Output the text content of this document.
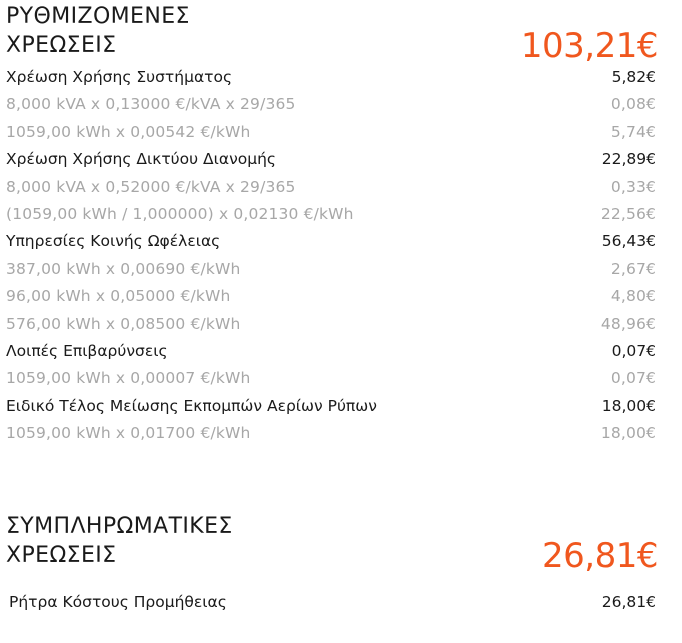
ΡΥΘΜΙΖΟΜΕΝΕΣ
ΧΡΕΩΣΕΙΣ	103,21€
Χρέωση Χρήσης Συστήματος	5,82€
8,000 kVA x 0,13000 €/kVA x 29/365	0,08€
1059,00 kWh x 0,00542 €/kWh	5,74€
Χρέωση Χρήσης Δικτύου Διανομής	22,89€
8,000 kVA x 0,52000 €/kVA x 29/365	0,33€
(1059,00 kWh / 1,000000) x 0,02130 €/kWh	22,56€
Υπηρεσίες Κοινής Ωφέλειας	56,43€
387,00 kWh x 0,00690 €/kWh	2,67€
96,00 kWh x 0,05000 €/kWh	4,80€
576,00 kWh x 0,08500 €/kWh	48,96€
Λοιπές Επιβαρύνσεις	0,07€
1059,00 kWh x 0,00007 €/kWh	0,07€
Ειδικό Τέλος Μείωσης Εκπομπών Αερίων Ρύπων	18,00€
1059,00 kWh x 0,01700 €/kWh	18,00€
ΣΥΜΠΛΗΡΩΜΑΤΙΚΕΣ
ΧΡΕΩΣΕΙΣ	26,81€
Ρήτρα Κόστους Προμήθειας	26,81€
